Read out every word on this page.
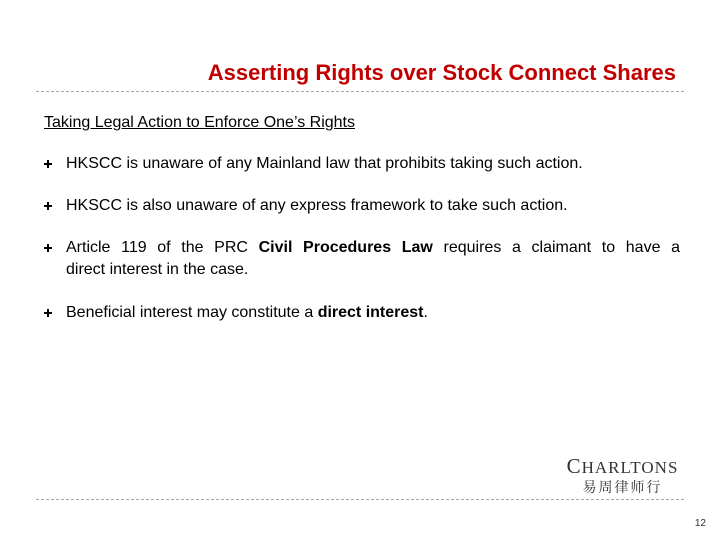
Asserting Rights over Stock Connect Shares
Taking Legal Action to Enforce One’s Rights
HKSCC is unaware of any Mainland law that prohibits taking such action.
HKSCC is also unaware of any express framework to take such action.
Article 119 of the PRC Civil Procedures Law requires a claimant to have a
direct interest in the case.
Beneficial interest may constitute a direct interest.
CHARLTONS
易周律师行
12
